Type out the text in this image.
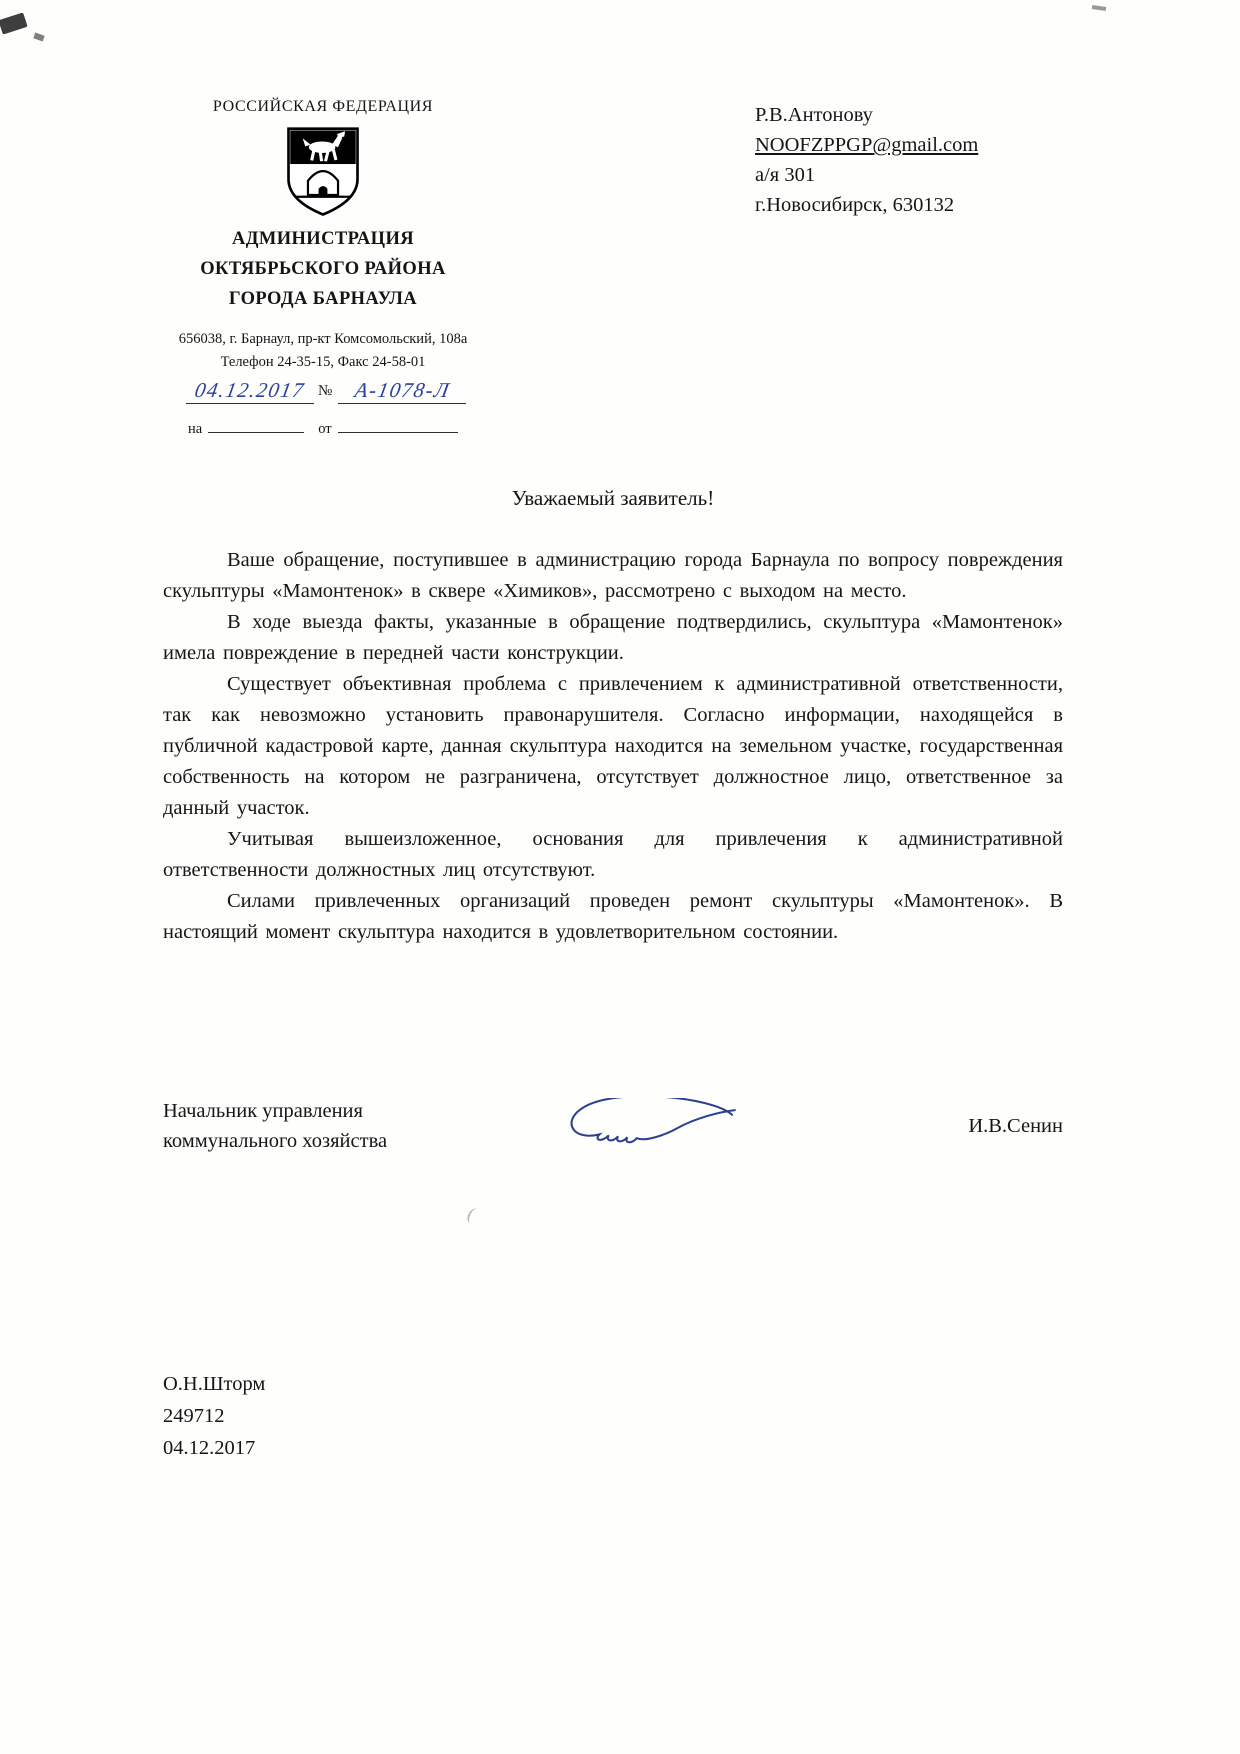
РОССИЙСКАЯ ФЕДЕРАЦИЯ
АДМИНИСТРАЦИЯ
ОКТЯБРЬСКОГО РАЙОНА
ГОРОДА БАРНАУЛА
656038, г. Барнаул, пр-кт Комсомольский, 108а
Телефон 24-35-15, Факс 24-58-01
04.12.2017 № А-1078-Л
на	от
Р.В.Антонову
NOOFZPPGP@gmail.com
а/я 301
г.Новосибирск, 630132

Уважаемый заявитель!

Ваше обращение, поступившее в администрацию города Барнаула по вопросу повреждения скульптуры «Мамонтенок» в сквере «Химиков», рассмотрено с выходом на место.

В ходе выезда факты, указанные в обращение подтвердились, скульптура «Мамонтенок» имела повреждение в передней части конструкции.

Существует объективная проблема с привлечением к административной ответственности, так как невозможно установить правонарушителя. Согласно информации, находящейся в публичной кадастровой карте, данная скульптура находится на земельном участке, государственная собственность на котором не разграничена, отсутствует должностное лицо, ответственное за данный участок.

Учитывая вышеизложенное, основания для привлечения к административной ответственности должностных лиц отсутствуют.

Силами привлеченных организаций проведен ремонт скульптуры «Мамонтенок». В настоящий момент скульптура находится в удовлетворительном состоянии.

Начальник управления
коммунального хозяйства
И.В.Сенин
О.Н.Шторм
249712
04.12.2017
